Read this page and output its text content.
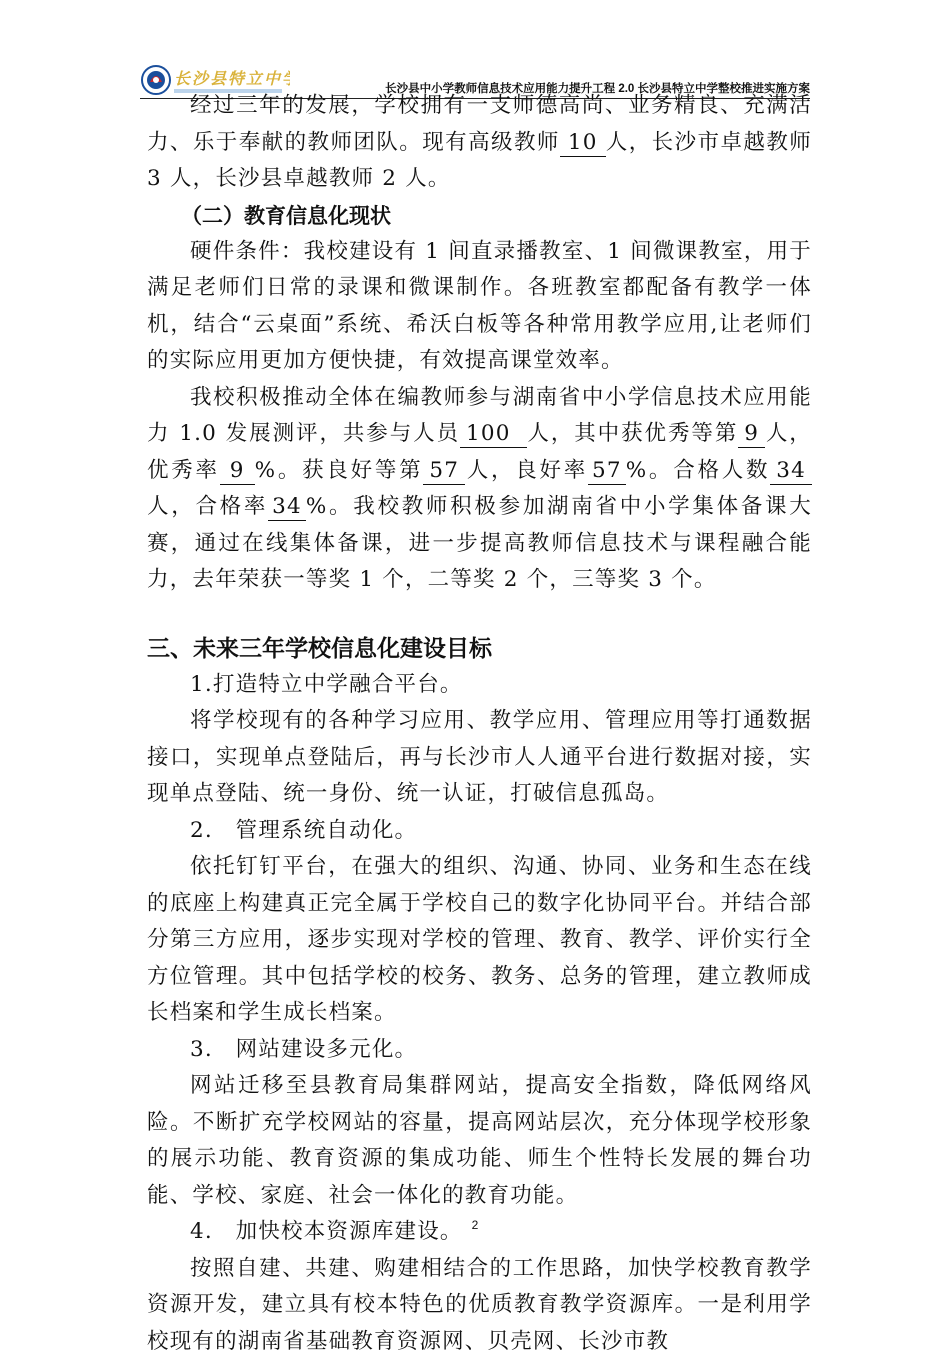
长沙县特立中学
长沙县中小学教师信息技术应用能力提升工程 2.0 长沙县特立中学整校推进实施方案

经过三年的发展，学校拥有一支师德高尚、业务精良、充满活力、乐于奉献的教师团队。现有高级教师 10 人，长沙市卓越教师 3 人，长沙县卓越教师 2 人。

（二）教育信息化现状

硬件条件：我校建设有 1 间直录播教室、1 间微课教室，用于满足老师们日常的录课和微课制作。各班教室都配备有教学一体机，结合“云桌面”系统、希沃白板等各种常用教学应用,让老师们的实际应用更加方便快捷，有效提高课堂效率。

我校积极推动全体在编教师参与湖南省中小学信息技术应用能力 1.0 发展测评，共参与人员 100 人，其中获优秀等第 9 人，优秀率 9 %。获良好等第 57 人，良好率 57 %。合格人数 34人，合格率 34 %。我校教师积极参加湖南省中小学集体备课大赛，通过在线集体备课，进一步提高教师信息技术与课程融合能力，去年荣获一等奖 1 个，二等奖 2 个，三等奖 3 个。

三、未来三年学校信息化建设目标

1.打造特立中学融合平台。

将学校现有的各种学习应用、教学应用、管理应用等打通数据接口，实现单点登陆后，再与长沙市人人通平台进行数据对接，实现单点登陆、统一身份、统一认证，打破信息孤岛。

2.　管理系统自动化。

依托钉钉平台，在强大的组织、沟通、协同、业务和生态在线的底座上构建真正完全属于学校自己的数字化协同平台。并结合部分第三方应用，逐步实现对学校的管理、教育、教学、评价实行全方位管理。其中包括学校的校务、教务、总务的管理，建立教师成长档案和学生成长档案。

3.　网站建设多元化。

网站迁移至县教育局集群网站，提高安全指数，降低网络风险。不断扩充学校网站的容量，提高网站层次，充分体现学校形象的展示功能、教育资源的集成功能、师生个性特长发展的舞台功能、学校、家庭、社会一体化的教育功能。

4.　加快校本资源库建设。

按照自建、共建、购建相结合的工作思路，加快学校教育教学资源开发，建立具有校本特色的优质教育教学资源库。一是利用学校现有的湖南省基础教育资源网、贝壳网、长沙市教

2
